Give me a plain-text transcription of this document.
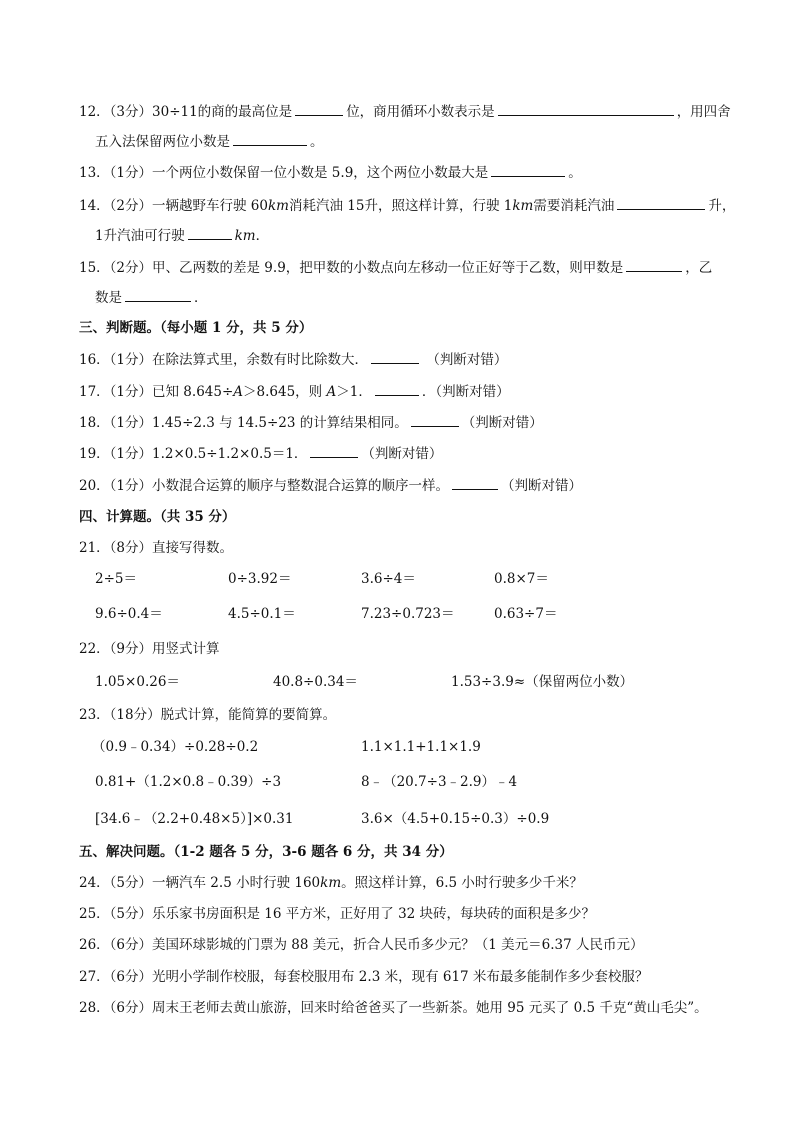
12．（3分）30÷11的商的最高位是	位，商用循环小数表示是	，用四舍
五入法保留两位小数是	。
13．（1分）一个两位小数保留一位小数是 5.9，这个两位小数最大是	。
14．（2分）一辆越野车行驶 60km消耗汽油 15升，照这样计算，行驶 1km需要消耗汽油	升，
1升汽油可行驶	km．
15．（2分）甲、乙两数的差是 9.9，把甲数的小数点向左移动一位正好等于乙数，则甲数是	，乙
数是	．
三、判断题。（每小题 1 分，共 5 分）
16．（1分）在除法算式里，余数有时比除数大．	（判断对错）
17．（1分）已知 8.645÷A＞8.645，则 A＞1．	．（判断对错）
18．（1分）1.45÷2.3 与 14.5÷23 的计算结果相同。	（判断对错）
19．（1分）1.2×0.5÷1.2×0.5＝1．	（判断对错）
20．（1分）小数混合运算的顺序与整数混合运算的顺序一样。	（判断对错）
四、计算题。（共 35 分）
21．（8分）直接写得数。
2÷5＝	0÷3.92＝	3.6÷4＝	0.8×7＝
9.6÷0.4＝	4.5÷0.1＝	7.23÷0.723＝	0.63÷7＝
22．（9分）用竖式计算
1.05×0.26＝	40.8÷0.34＝	1.53÷3.9≈（保留两位小数）
23．（18分）脱式计算，能简算的要简算。
（0.9﹣0.34）÷0.28÷0.2	1.1×1.1+1.1×1.9
0.81+（1.2×0.8﹣0.39）÷3	8﹣（20.7÷3﹣2.9）﹣4
[34.6﹣（2.2+0.48×5）]×0.31	3.6×（4.5+0.15÷0.3）÷0.9
五、解决问题。（1-2 题各 5 分，3-6 题各 6 分，共 34 分）
24．（5分）一辆汽车 2.5 小时行驶 160km。照这样计算，6.5 小时行驶多少千米？
25．（5分）乐乐家书房面积是 16 平方米，正好用了 32 块砖，每块砖的面积是多少？
26．（6分）美国环球影城的门票为 88 美元，折合人民币多少元？（1 美元＝6.37 人民币元）
27．（6分）光明小学制作校服，每套校服用布 2.3 米，现有 617 米布最多能制作多少套校服？
28．（6分）周末王老师去黄山旅游，回来时给爸爸买了一些新茶。她用 95 元买了 0.5 千克“黄山毛尖”。
